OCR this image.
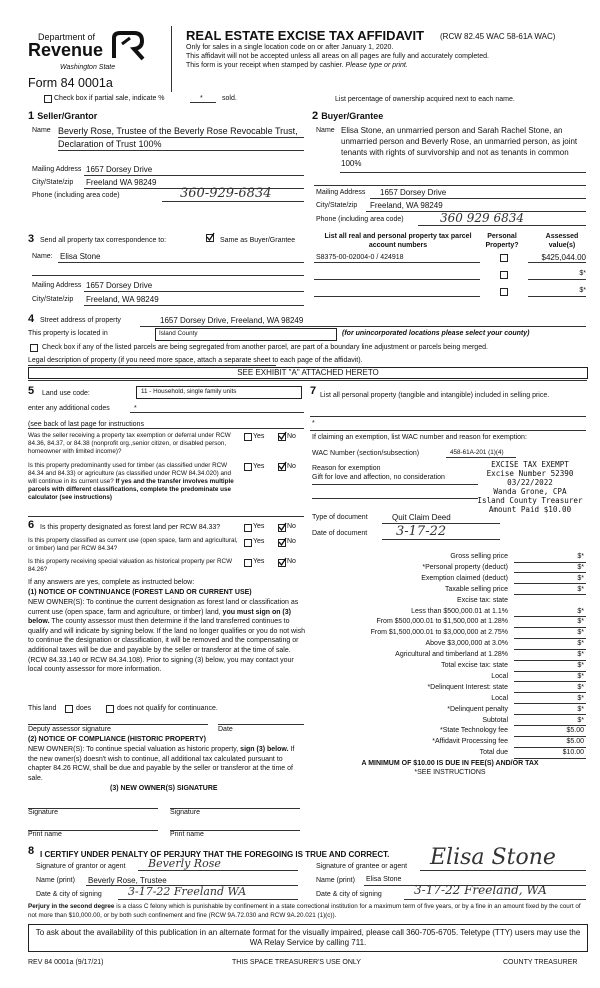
Department of
Revenue
Washington State
Form 84 0001a
REAL ESTATE EXCISE TAX AFFIDAVIT (RCW 82.45 WAC 58-61A WAC)
Only for sales in a single location code on or after January 1, 2020.
This affidavit will not be accepted unless all areas on all pages are fully and accurately completed.
This form is your receipt when stamped by cashier. Please type or print.
Check box if partial sale, indicate %	*	sold.	List percentage of ownership acquired next to each name.
1 Seller/Grantor
Name Beverly Rose, Trustee of the Beverly Rose Revocable Trust, Declaration of Trust 100%
Mailing Address 1657 Dorsey Drive
City/State/zip Freeland WA 98249
Phone (including area code)	360-929-6834
2 Buyer/Grantee
Name Elisa Stone, an unmarried person and Sarah Rachel Stone, an unmarried person and Beverly Rose, an unmarried person, as joint tenants with rights of survivorship and not as tenants in common 100%
Mailing Address 1657 Dorsey Drive
City/State/zip Freeland, WA 98249
Phone (including area code)	360 929 6834
3 Send all property tax correspondence to:	Same as Buyer/Grantee
Name: Elisa Stone
Mailing Address 1657 Dorsey Drive
City/State/zip Freeland, WA 98249
List all real and personal property tax parcel account numbers
Personal Property?
Assessed value(s)
S8375-00-02004-0 / 424918	$425,044.00
$*
$*
4 Street address of property	1657 Dorsey Drive, Freeland, WA 98249
This property is located in	Island County	(for unincorporated locations please select your county)
Check box if any of the listed parcels are being segregated from another parcel, are part of a boundary line adjustment or parcels being merged.
Legal description of property (if you need more space, attach a separate sheet to each page of the affidavit).
SEE EXHIBIT "A" ATTACHED HERETO
5 Land use code:	11 - Household, single family units
enter any additional codes	*
(see back of last page for instructions
Was the seller receiving a property tax exemption or deferral under RCW 84.36, 84.37, or 84.38 (nonprofit org.,senior citizen, or disabled person, homeowner with limited income)?
Yes	No
Is this property predominantly used for timber (as classified under RCW 84.34 and 84.33) or agriculture (as classified under RCW 84.34.020) and will continue in its current use? If yes and the transfer involves multiple parcels with different classifications, complete the predominate use calculator (see instructions)
Yes	No
7 List all personal property (tangible and intangible) included in selling price.
*
If claiming an exemption, list WAC number and reason for exemption:
WAC Number (section/subsection)	458-61A-201 (1)(4)
Reason for exemption
Gift for love and affection, no consideration
EXCISE TAX EXEMPT
Excise Number 52390
03/22/2022
Wanda Grone, CPA
Island County Treasurer
Amount Paid $10.00
Type of document	Quit Claim Deed
Date of document 3-17-22
Gross selling price	$*
*Personal property (deduct)	$*
Exemption claimed (deduct)	$*
Taxable selling price	$*
Excise tax: state
Less than $500,000.01 at 1.1%	$*
From $500,000.01 to $1,500,000 at 1.28%	$*
From $1,500,000.01 to $3,000,000 at 2.75%	$*
Above $3,000,000 at 3.0%	$*
Agricultural and timberland at 1.28%	$*
Total excise tax: state	$*
Local	$*
*Delinquent Interest: state	$*
Local	$*
*Delinquent penalty	$*
Subtotal	$*
*State Technology fee	$5.00
*Affidavit Processing fee	$5.00
Total due	$10.00
A MINIMUM OF $10.00 IS DUE IN FEE(S) AND/OR TAX
*SEE INSTRUCTIONS
6 Is this property designated as forest land per RCW 84.33?	Yes	No
Is this property classified as current use (open space, farm and agricultural, or timber) land per RCW 84.34?
Yes	No
Is this property receiving special valuation as historical property per RCW 84.26?
Yes	No
If any answers are yes, complete as instructed below:
(1) NOTICE OF CONTINUANCE (FOREST LAND OR CURRENT USE)
NEW OWNER(S): To continue the current designation as forest land or classification as current use (open space, farm and agriculture, or timber) land, you must sign on (3) below. The county assessor must then determine if the land transferred continues to qualify and will indicate by signing below. If the land no longer qualifies or you do not wish to continue the designation or classification, it will be removed and the compensating or additional taxes will be due and payable by the seller or transferor at the time of sale. (RCW 84.33.140 or RCW 84.34.108). Prior to signing (3) below, you may contact your local county assessor for more information.
This land	does	does not qualify for continuance.
Deputy assessor signature	Date
(2) NOTICE OF COMPLIANCE (HISTORIC PROPERTY)
NEW OWNER(S): To continue special valuation as historic property, sign (3) below. If the new owner(s) doesn't wish to continue, all additional tax calculated pursuant to chapter 84.26 RCW, shall be due and payable by the seller or transferor at the time of sale.
(3) NEW OWNER(S) SIGNATURE
Signature	Signature
Print name	Print name
8 I CERTIFY UNDER PENALTY OF PERJURY THAT THE FOREGOING IS TRUE AND CORRECT.
Signature of grantor or agent Beverly Rose
Name (print) Beverly Rose, Trustee
Date & city of signing 3-17-22 Freeland WA
Signature of grantee or agent Elisa Stone
Name (print) Elisa Stone
Date & city of signing	3-17-22 Freeland, WA
Perjury in the second degree is a class C felony which is punishable by confinement in a state correctional institution for a maximum term of five years, or by a fine in an amount fixed by the court of not more than $10,000.00, or by both such confinement and fine (RCW 9A.72.030 and RCW 9A.20.021 (1)(c)).
To ask about the availability of this publication in an alternate format for the visually impaired, please call 360-705-6705. Teletype (TTY) users may use the WA Relay Service by calling 711.
REV 84 0001a (9/17/21)	THIS SPACE TREASURER'S USE ONLY	COUNTY TREASURER
